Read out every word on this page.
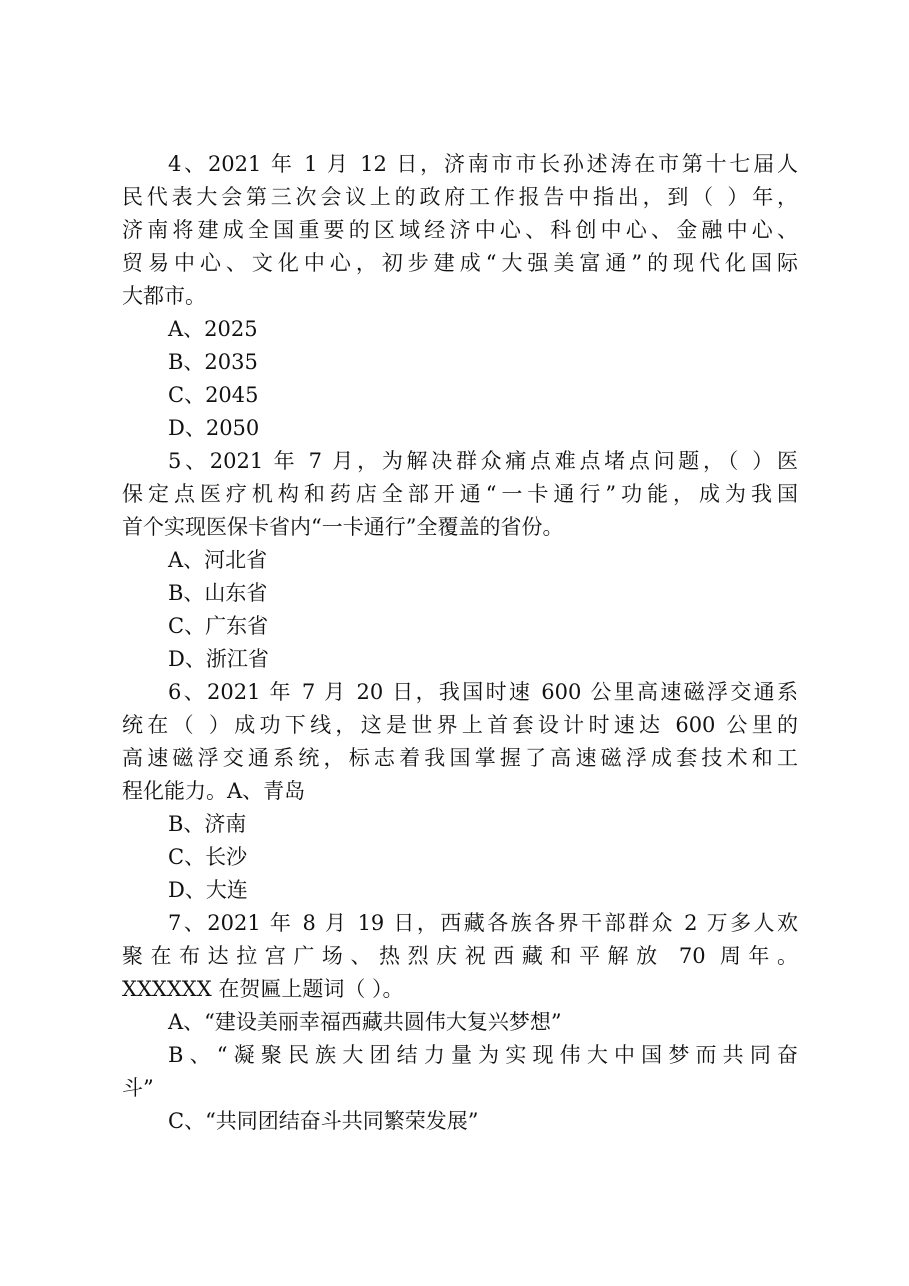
4、2021 年 1 月 12 日，济南市市长孙述涛在市第十七届人
民代表大会第三次会议上的政府工作报告中指出，到（ ）年，
济南将建成全国重要的区域经济中心、科创中心、金融中心、
贸易中心、文化中心，初步建成“大强美富通”的现代化国际
大都市。
A、2025
B、2035
C、2045
D、2050
5、2021 年 7 月，为解决群众痛点难点堵点问题，（ ）医
保定点医疗机构和药店全部开通“一卡通行”功能，成为我国
首个实现医保卡省内“一卡通行”全覆盖的省份。
A、河北省
B、山东省
C、广东省
D、浙江省
6、2021 年 7 月 20 日，我国时速 600 公里高速磁浮交通系
统在（ ）成功下线，这是世界上首套设计时速达 600 公里的
高速磁浮交通系统，标志着我国掌握了高速磁浮成套技术和工
程化能力。A、青岛
B、济南
C、长沙
D、大连
7、2021 年 8 月 19 日，西藏各族各界干部群众 2 万多人欢
聚在布达拉宫广场、热烈庆祝西藏和平解放 70 周年。
XXXXXX 在贺匾上题词（ ）。
A、“建设美丽幸福西藏共圆伟大复兴梦想”
B、“凝聚民族大团结力量为实现伟大中国梦而共同奋
斗”
C、“共同团结奋斗共同繁荣发展”
